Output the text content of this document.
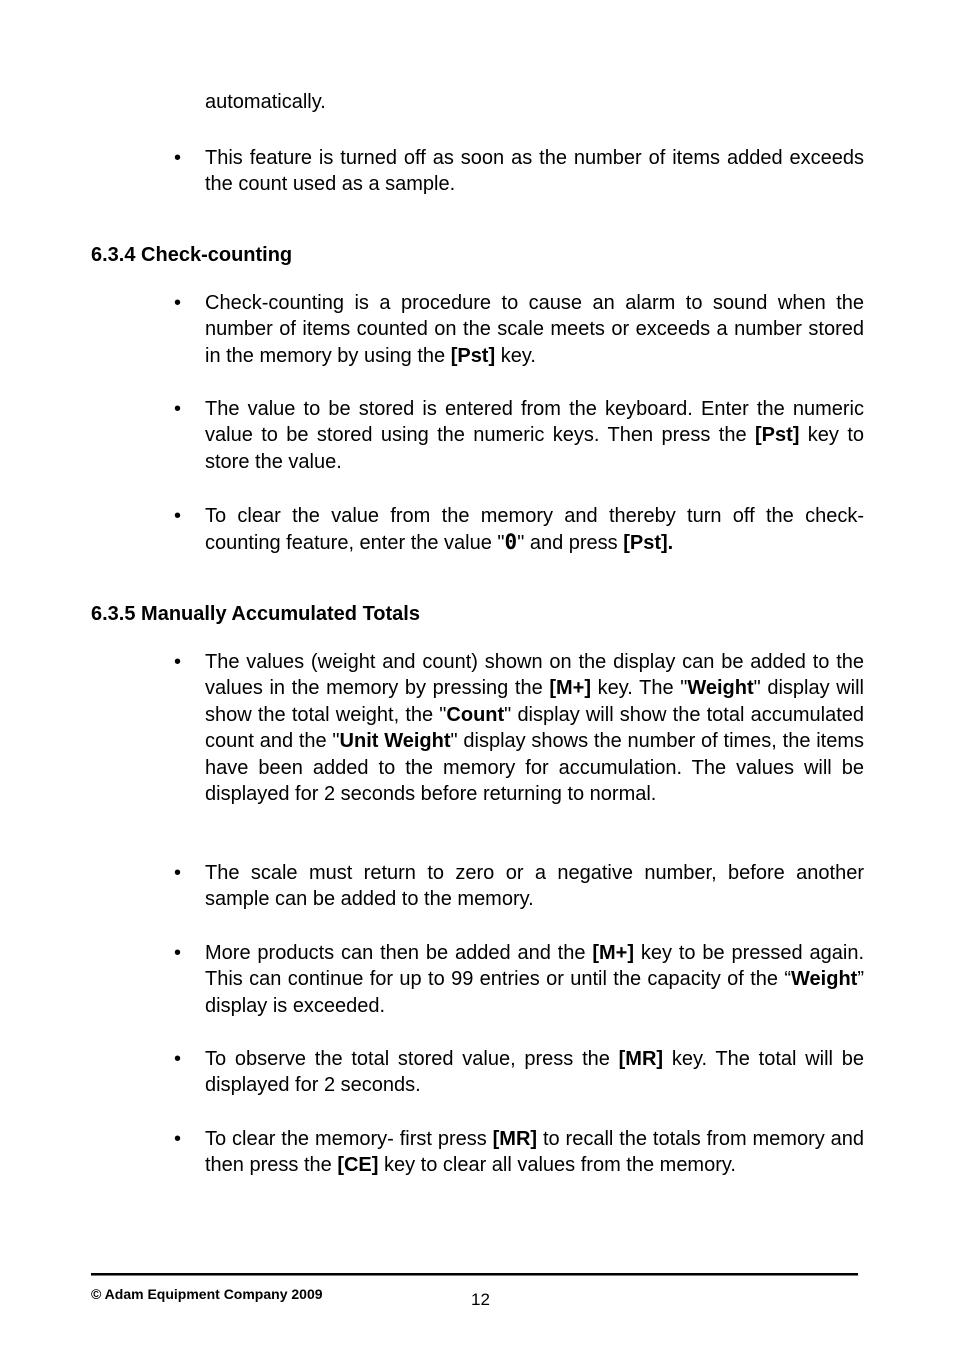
automatically.
•	This feature is turned off as soon as the number of items added exceeds the count used as a sample.
6.3.4 Check-counting
•	Check-counting is a procedure to cause an alarm to sound when the number of items counted on the scale meets or exceeds a number stored in the memory by using the [Pst] key.
•	The value to be stored is entered from the keyboard. Enter the numeric value to be stored using the numeric keys. Then press the [Pst] key to store the value.
•	To clear the value from the memory and thereby turn off the check-counting feature, enter the value "0" and press [Pst].
6.3.5 Manually Accumulated Totals
•	The values (weight and count) shown on the display can be added to the values in the memory by pressing the [M+] key. The "Weight" display will show the total weight, the "Count" display will show the total accumulated count and the "Unit Weight" display shows the number of times, the items have been added to the memory for accumulation. The values will be displayed for 2 seconds before returning to normal.
•	The scale must return to zero or a negative number, before another sample can be added to the memory.
•	More products can then be added and the [M+] key to be pressed again. This can continue for up to 99 entries or until the capacity of the “Weight” display is exceeded.
•	To observe the total stored value, press the [MR] key. The total will be displayed for 2 seconds.
•	To clear the memory- first press [MR] to recall the totals from memory and then press the [CE] key to clear all values from the memory.
© Adam Equipment Company 2009	12
